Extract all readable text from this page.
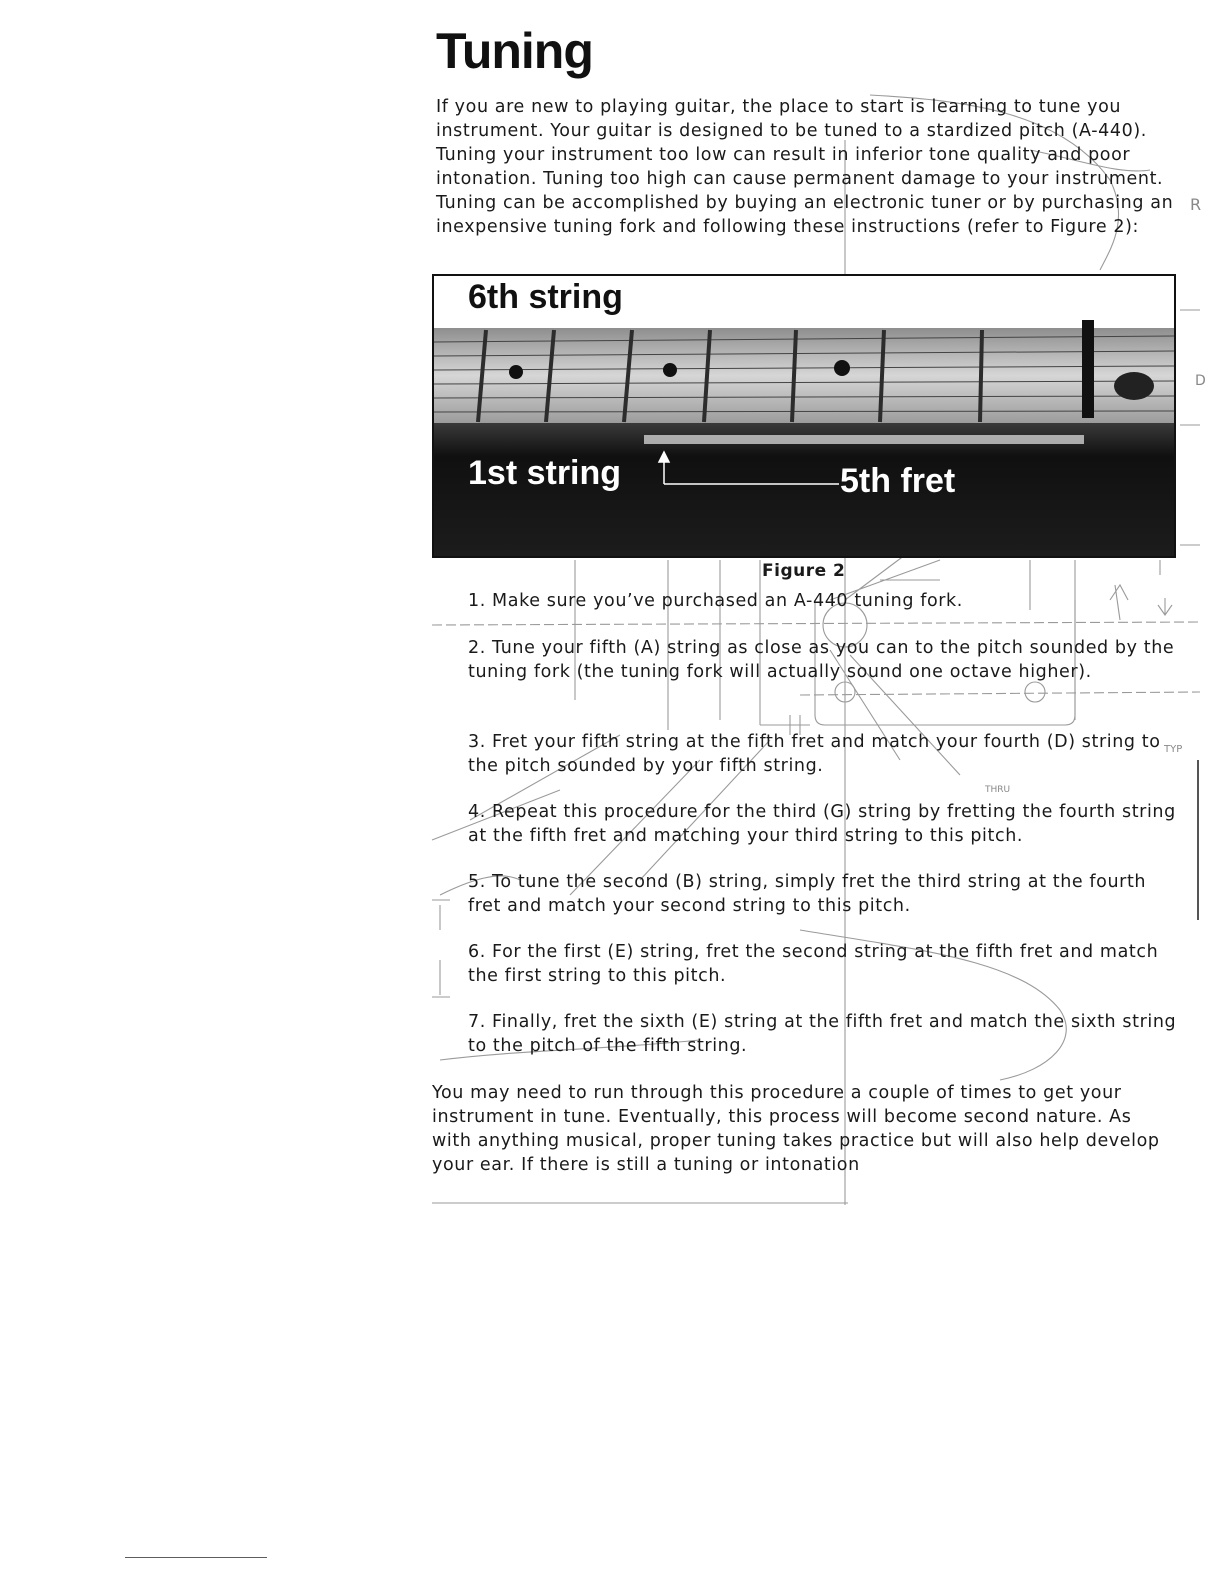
Tuning

If you are new to playing guitar, the place to start is learning to tune you instrument. Your guitar is designed to be tuned to a stardized pitch (A-440). Tuning your instrument too low can result in inferior tone quality and poor intonation. Tuning too high can cause permanent damage to your instrument. Tuning can be accomplished by buying an electronic tuner or by purchasing an inexpensive tuning fork and following these instructions (refer to Figure 2):

6th string
1st string	5th fret
Figure 2

1. Make sure you’ve purchased an A-440 tuning fork.

2. Tune your fifth (A) string as close as you can to the pitch sounded by the tuning fork (the tuning fork will actually sound one octave higher).

3. Fret your fifth string at the fifth fret and match your fourth (D) string to the pitch sounded by your fifth string.

4. Repeat this procedure for the third (G) string by fretting the fourth string at the fifth fret and matching your third string to this pitch.

5. To tune the second (B) string, simply fret the third string at the fourth fret and match your second string to this pitch.

6. For the first (E) string, fret the second string at the fifth fret and match the first string to this pitch.

7. Finally, fret the sixth (E) string at the fifth fret and match the sixth string to the pitch of the fifth string.

You may need to run through this procedure a couple of times to get your instrument in tune. Eventually, this process will become second nature. As with anything musical, proper tuning takes practice but will also help develop your ear. If there is still a tuning or intonation

R
D
TYP
THRU
